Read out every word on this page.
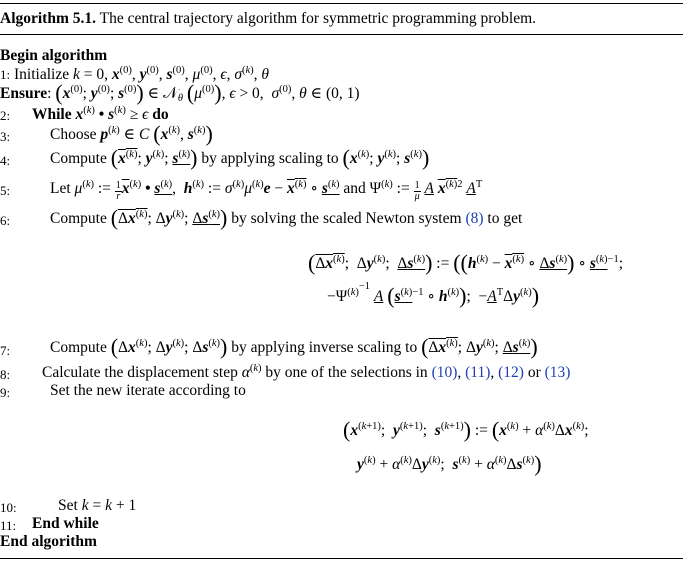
Algorithm 5.1. The central trajectory algorithm for symmetric programming problem.
Begin algorithm
1: Initialize k = 0, $x^{(0)}$, $y^{(0)}$, $s^{(0)}$, $\mu^{(0)}$, ϵ, $\sigma^{(k)}$, θ
Ensure: ($x^{(0)}$; $y^{(0)}$; $s^{(0)}$) ∈ 𝒩$_\theta$ $(\mu^{(0)})$, ϵ > 0,  $\sigma^{(0)}$, θ ∈ (0, 1)
2: While $x^{(k)}$ • $s^{(k)} \ge \epsilon$ do
3:	Choose $p^{(k)}$ ∈ C ($x^{(k)}$, $s^{(k)}$)
4:	Compute ($x^{(k)}$; $y^{(k)}$; $s^{(k)}$) by applying scaling to ($x^{(k)}$; $y^{(k)}$; $s^{(k)}$)
5:	Let $\mu^{(k)}$ := $\frac{1}{r} \overline{x}^{(k)}$ • $s^{(k)}$,  $h^{(k)}$ := $\sigma^{(k)}\mu^{(k)}e - x^{(k)}$ ∘ $s^{(k)}$ and $\Psi^{(k)}$ := $\frac{1}{\mu}$ A $x^{(k)2}$ $A^T$
6:	Compute ($\Delta x^{(k)}$; $\Delta y^{(k)}$; $\Delta s^{(k)}$) by solving the scaled Newton system (8) to get
($\Delta x^{(k)}$;  $\Delta y^{(k)}$;  $\Delta s^{(k)}$) := (($h^{(k)} - x^{(k)}$ ∘ $\Delta s^{(k)}$) ∘ $s^{(k)-1}$;
$-\Psi^{(k)^{-1}}$ A ($s^{(k)-1}$ ∘ $h^{(k)}$);  $-A^T\Delta y^{(k)}$)
7:	Compute ($\Delta x^{(k)}$; $\Delta y^{(k)}$; $\Delta s^{(k)}$) by applying inverse scaling to ($\Delta x^{(k)}$; $\Delta y^{(k)}$; $\Delta s^{(k)}$)
8: Calculate the displacement step $\alpha^{(k)}$ by one of the selections in (10), (11), (12) or (13)
9:	Set the new iterate according to
($x^{(k+1)}$;  $y^{(k+1)}$;  $s^{(k+1)}$) := ($x^{(k)} + \alpha^{(k)}\Delta x^{(k)}$;
$y^{(k)} + \alpha^{(k)}\Delta y^{(k)}$;  $s^{(k)} + \alpha^{(k)}\Delta s^{(k)}$)
10:	Set k = k + 1
11: End while
End algorithm
